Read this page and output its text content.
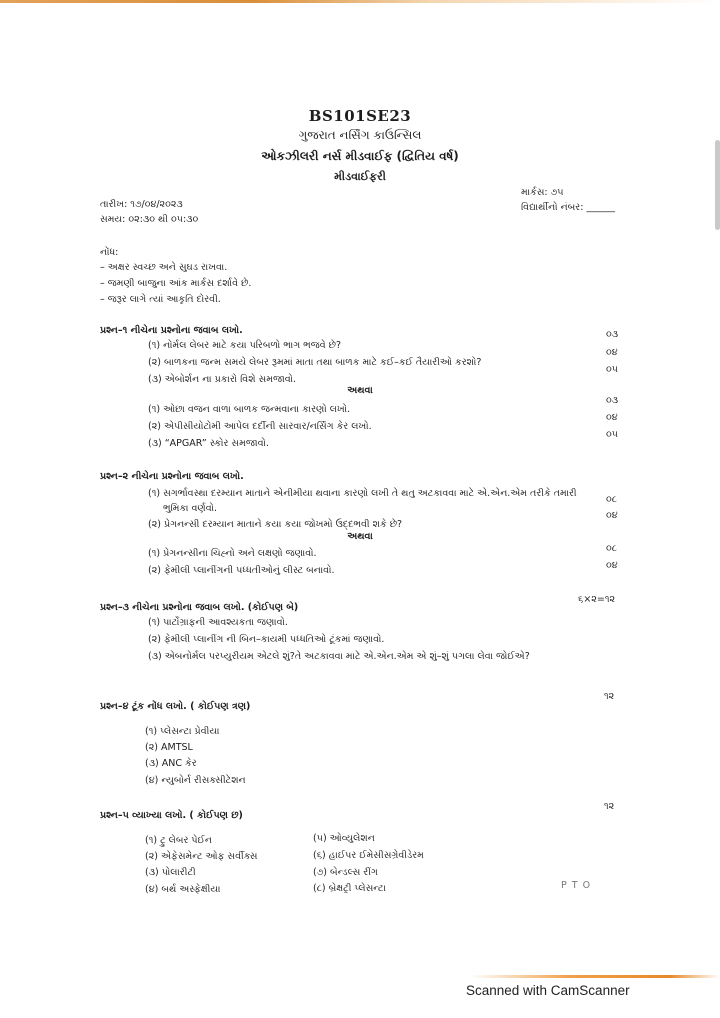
BS101SE23
ગુજરાત નર્સિંગ કાઉન્સિલ
ઓકઝીલરી નર્સ મીડવાઈફ (દ્વિતિય વર્ષ)
મીડવાઈફરી
તારીખ: ૧૭/૦૪/૨૦૨૩
સમય: ૦૨:૩૦ થી ૦૫:૩૦
માર્કસ: ૭૫
વિદ્યાર્થીનો નંબર: ______
નોંધ:
– અક્ષર સ્વચ્છ અને સુઘડ રાખવા.
– જમણી બાજુના આંક માર્કસ દર્શાવે છે.
– જરૂર લાગે ત્યાં આકૃતિ દોરવી.
પ્રશ્ન–૧ નીચેના પ્રશ્નોના જવાબ લખો.
(૧) નોર્મલ લેબર માટે કયા પરિબળો ભાગ ભજવે છે?
૦૩
(૨) બાળકના જન્મ સમયે લેબર રૂમમાં માતા તથા બાળક માટે કઈ–કઈ તૈયારીઓ કરશો?
૦૪
(૩) એબોર્શન ના પ્રકારો વિશે સમજાવો.
૦૫
અથવા
(૧) ઓછા વજન વાળા બાળક જન્મવાના કારણો લખો.
૦૩
(૨) એપીસીયોટોમી આપેલ દર્દીની સારવાર/નર્સિંગ કેર લખો.
૦૪
(૩) “APGAR” સ્કોર સમજાવો.
૦૫
પ્રશ્ન–૨ નીચેના પ્રશ્નોના જવાબ લખો.
(૧) સગર્ભાવસ્થા દરમ્યાન માતાને એનીમીયા થવાના કારણો લખી તે થતુ અટકાવવા માટે એ.એન.એમ તરીકે તમારી
ભુમિકા વર્ણવો.
૦૮
(૨) પ્રેગનન્સી દરમ્યાન માતાને કયા કયા જોખમો ઉદ્દભવી શકે છે?
૦૪
અથવા
(૧) પ્રેગનન્સીના ચિહ્નો અને લક્ષણો જણાવો.	૦૮
(૨) ફેમીલી પ્લાનીંગની પધ્ધતીઓનું લીસ્ટ બનાવો.	૦૪
પ્રશ્ન–૩ નીચેના પ્રશ્નોના જવાબ લખો. (કોઈપણ બે)
૬×૨=૧૨
(૧) પાર્ટોગ્રાફની આવશ્યકતા જણાવો.
(૨) ફેમીલી પ્લાનીંગ ની બિન–કાયમી પધ્ધતિઓ ટૂંકમાં જણાવો.
(૩) એબનોર્મલ પરપ્યુરીયમ એટલે શું?તે અટકાવવા માટે એ.એન.એમ એ શું–શું પગલા લેવા જોઈએ?
પ્રશ્ન–૪ ટૂંક નોંધ લખો. ( કોઈપણ ત્રણ)
૧૨
(૧) પ્લેસન્ટા પ્રેવીયા
(૨) AMTSL
(૩) ANC કેર
(૪) ન્યુબોર્ન રીસક્સીટેશન
પ્રશ્ન–૫ વ્યાખ્યા લખો. ( કોઈપણ છ)
૧૨
(૧) ટ્રુ લેબર પેઈન
(૨) એફેસમેન્ટ ઓફ સર્વીક્સ
(૩) પોલારીટી
(૪) બર્થ અસ્ફેક્ષીયા
(૫) ઓવ્યુલેશન
(૬) હાઈપર ઈમેસીસગ્રેવીડેરમ
(૭) બેન્ડલ્સ રીંગ
(૮) બ્રેક્ષટ્રી પ્લેસન્ટા	P T O
Scanned with CamScanner
